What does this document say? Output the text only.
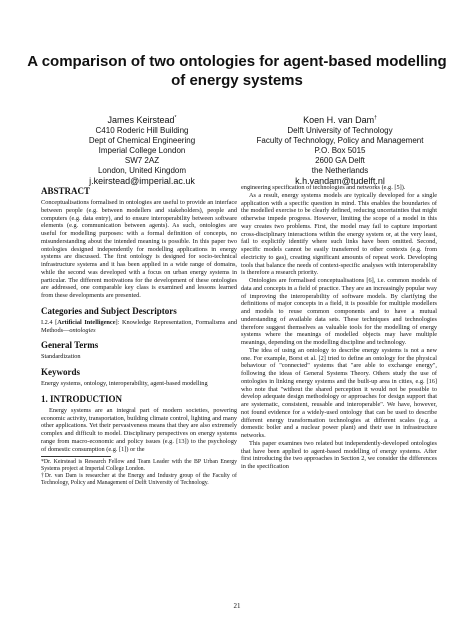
A comparison of two ontologies for agent-based modelling
of energy systems
James Keirstead*
C410 Roderic Hill Building
Dept of Chemical Engineering
Imperial College London
SW7 2AZ
London, United Kingdom
j.keirstead@imperial.ac.uk
Koen H. van Dam†
Delft University of Technology
Faculty of Technology, Policy and Management
P.O. Box 5015
2600 GA Delft
the Netherlands
k.h.vandam@tudelft.nl
ABSTRACT

Conceptualisations formalised in ontologies are useful to provide an interface between people (e.g. between modellers and stakeholders), people and computers (e.g. data entry), and to ensure interoperability between software elements (e.g. communication between agents). As such, ontologies are useful for modelling purposes: with a formal definition of concepts, no misunderstanding about the intended meaning is possible. In this paper two ontologies designed independently for modelling applications in energy systems are discussed. The first ontology is designed for socio-technical infrastructure systems and it has been applied in a wide range of domains, while the second was developed with a focus on urban energy systems in particular. The different motivations for the development of these ontologies are addressed, one comparable key class is examined and lessons learned from these developments are presented.

Categories and Subject Descriptors

I.2.4 [Artificial Intelligence]: Knowledge Representation, Formalisms and Methods—ontologies

General Terms

Standardization

Keywords

Energy systems, ontology, interoperability, agent-based modelling

1. INTRODUCTION

Energy systems are an integral part of modern societies, powering economic activity, transportation, building climate control, lighting and many other applications. Yet their pervasiveness means that they are also extremely complex and difficult to model. Disciplinary perspectives on energy systems range from macro-economic and policy issues (e.g. [13]) to the psychology of domestic consumption (e.g. [1]) or the

*Dr. Keirstead is Research Fellow and Team Leader with the BP Urban Energy Systems project at Imperial College London.

†Dr. van Dam is researcher at the Energy and Industry group of the Faculty of Technology, Policy and Management of Delft University of Technology.

engineering specification of technologies and networks (e.g. [5]).

As a result, energy systems models are typically developed for a single application with a specific question in mind. This enables the boundaries of the modelled exercise to be clearly defined, reducing uncertainties that might otherwise impede progress. However, limiting the scope of a model in this way creates two problems. First, the model may fail to capture important cross-disciplinary interactions within the energy system or, at the very least, fail to explicitly identify where such links have been omitted. Second, specific models cannot be easily transferred to other contexts (e.g. from electricity to gas), creating significant amounts of repeat work. Developing tools that balance the needs of context-specific analyses with interoperability is therefore a research priority.

Ontologies are formalised conceptualisations [6], i.e. common models of data and concepts in a field of practice. They are an increasingly popular way of improving the interoperability of software models. By clarifying the definitions of major concepts in a field, it is possible for multiple modellers and models to reuse common components and to have a mutual understanding of available data sets. These techniques and technologies therefore suggest themselves as valuable tools for the modelling of energy systems where the meanings of modelled objects may have multiple meanings, depending on the modelling discipline and technology.

The idea of using an ontology to describe energy systems is not a new one. For example, Borst et al. [2] tried to define an ontology for the physical behaviour of "connected" systems that "are able to exchange energy", following the ideas of General Systems Theory. Others study the use of ontologies in linking energy systems and the built-up area in cities, e.g. [16] who note that "without the shared perception it would not be possible to develop adequate design methodology or approaches for design support that are systematic, consistent, reusable and interoperable". We have, however, not found evidence for a widely-used ontology that can be used to describe different energy transformation technologies at different scales (e.g. a domestic boiler and a nuclear power plant) and their use in infrastructure networks.

This paper examines two related but independently-developed ontologies that have been applied to agent-based modelling of energy systems. After first introducing the two approaches in Section 2, we consider the differences in the specification

21
